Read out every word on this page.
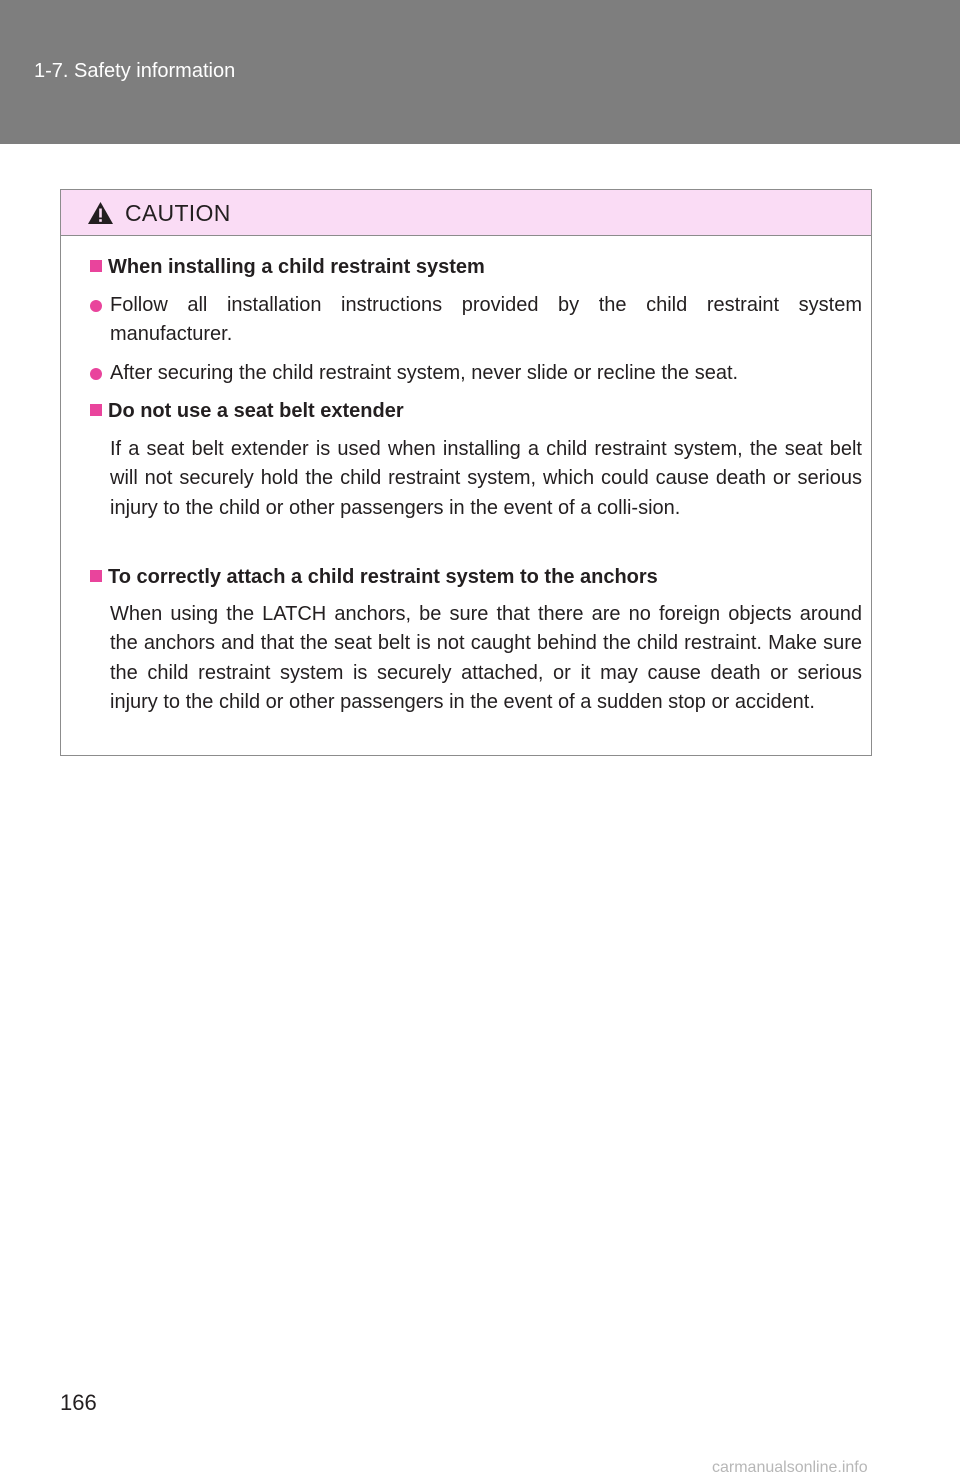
1-7. Safety information
CAUTION
When installing a child restraint system
Follow all installation instructions provided by the child restraint system manufacturer.
After securing the child restraint system, never slide or recline the seat.
Do not use a seat belt extender
If a seat belt extender is used when installing a child restraint system, the seat belt will not securely hold the child restraint system, which could cause death or serious injury to the child or other passengers in the event of a colli-sion.
To correctly attach a child restraint system to the anchors
When using the LATCH anchors, be sure that there are no foreign objects around the anchors and that the seat belt is not caught behind the child restraint. Make sure the child restraint system is securely attached, or it may cause death or serious injury to the child or other passengers in the event of a sudden stop or accident.
166
carmanualsonline.info
